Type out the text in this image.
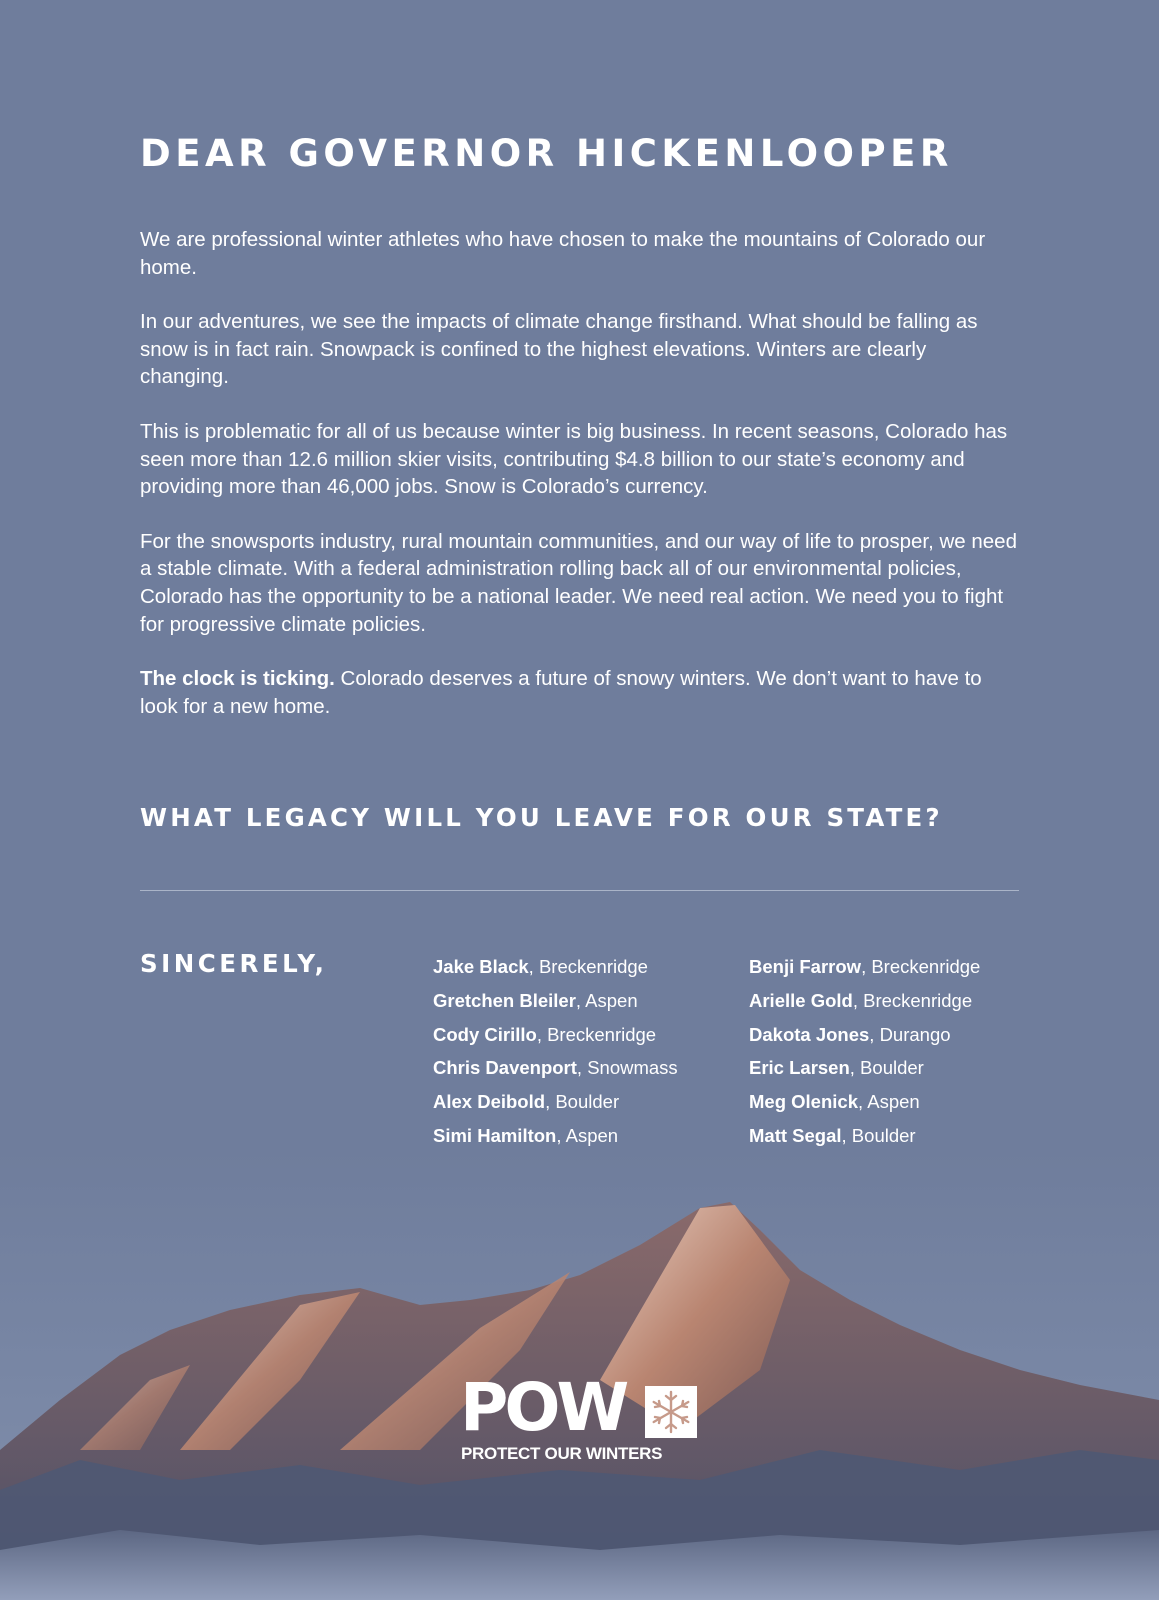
DEAR GOVERNOR HICKENLOOPER

We are professional winter athletes who have chosen to make the mountains of Colorado our home.

In our adventures, we see the impacts of climate change firsthand. What should be falling as snow is in fact rain. Snowpack is confined to the highest elevations. Winters are clearly changing.

This is problematic for all of us because winter is big business. In recent seasons, Colorado has seen more than 12.6 million skier visits, contributing $4.8 billion to our state’s economy and providing more than 46,000 jobs. Snow is Colorado’s currency.

For the snowsports industry, rural mountain communities, and our way of life to prosper, we need a stable climate. With a federal administration rolling back all of our environmental policies, Colorado has the opportunity to be a national leader. We need real action. We need you to fight for progressive climate policies.

The clock is ticking. Colorado deserves a future of snowy winters. We don’t want to have to look for a new home.

WHAT LEGACY WILL YOU LEAVE FOR OUR STATE?
SINCERELY,	Jake Black, Breckenridge
Gretchen Bleiler, Aspen
Cody Cirillo, Breckenridge
Chris Davenport, Snowmass
Alex Deibold, Boulder
Simi Hamilton, Aspen
Benji Farrow, Breckenridge
Arielle Gold, Breckenridge
Dakota Jones, Durango
Eric Larsen, Boulder
Meg Olenick, Aspen
Matt Segal, Boulder
POW
PROTECT OUR WINTERS
